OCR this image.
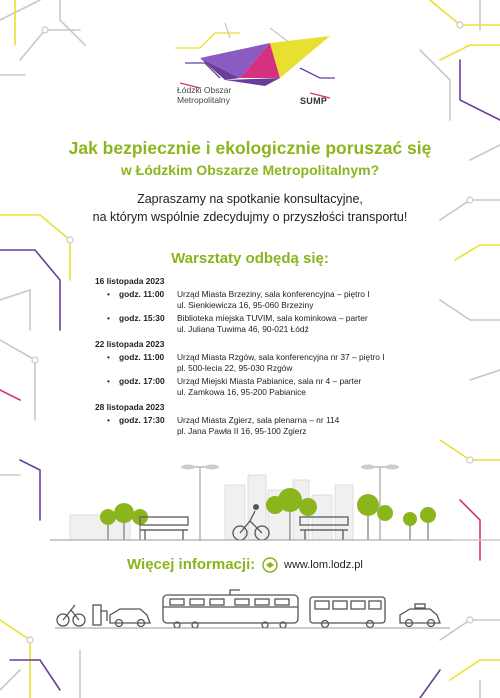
Łódzki Obszar
Metropolitalny	SUMP
Jak bezpiecznie i ekologicznie poruszać się
w Łódzkim Obszarze Metropolitalnym?
Zapraszamy na spotkanie konsultacyjne,
na którym wspólnie zdecydujmy o przyszłości transportu!
Warsztaty odbędą się:
16 listopada 2023
• godz. 11:00 Urząd Miasta Brzeziny, sala konferencyjna – piętro I
ul. Sienkiewicza 16, 95-060 Brzeziny
• godz. 15:30 Biblioteka miejska TUVIM, sala kominkowa – parter
ul. Juliana Tuwima 46, 90-021 Łódź
22 listopada 2023
• godz. 11:00 Urząd Miasta Rzgów, sala konferencyjna nr 37 – piętro I
pl. 500-lecia 22, 95-030 Rzgów
• godz. 17:00 Urząd Miejski Miasta Pabianice, sala nr 4 – parter
ul. Zamkowa 16, 95-200 Pabianice
28 listopada 2023
• godz. 17:30 Urząd Miasta Zgierz, sala plenarna – nr 114
pl. Jana Pawła II 16, 95-100 Zgierz
Więcej informacji:	www.lom.lodz.pl
